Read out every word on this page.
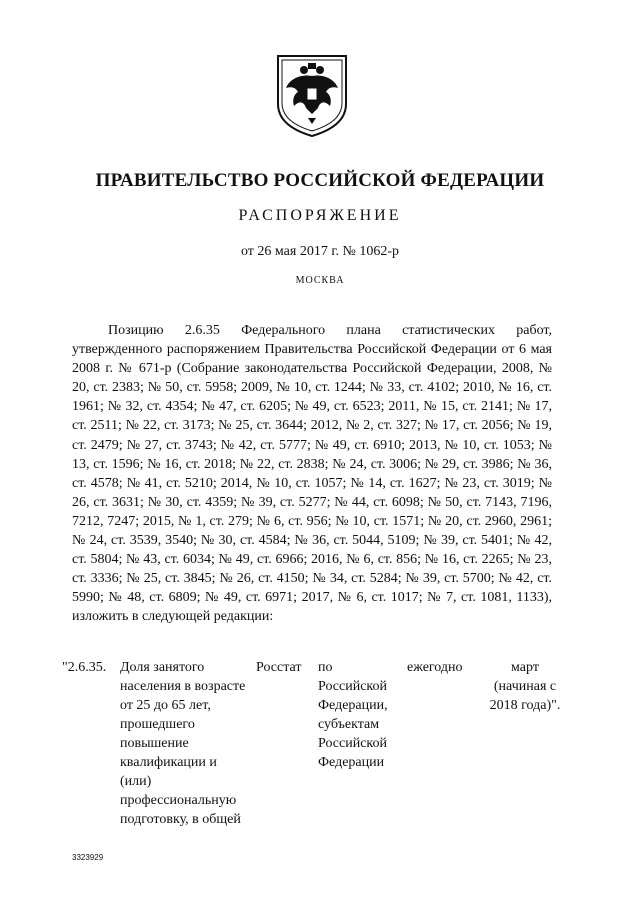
ПРАВИТЕЛЬСТВО РОССИЙСКОЙ ФЕДЕРАЦИИ
РАСПОРЯЖЕНИЕ
от 26 мая 2017 г. № 1062-р
МОСКВА

Позицию 2.6.35 Федерального плана статистических работ, утвержденного распоряжением Правительства Российской Федерации от 6 мая 2008 г. № 671-р (Собрание законодательства Российской Федерации, 2008, № 20, ст. 2383; № 50, ст. 5958; 2009, № 10, ст. 1244; № 33, ст. 4102; 2010, № 16, ст. 1961; № 32, ст. 4354; № 47, ст. 6205; № 49, ст. 6523; 2011, № 15, ст. 2141; № 17, ст. 2511; № 22, ст. 3173; № 25, ст. 3644; 2012, № 2, ст. 327; № 17, ст. 2056; № 19, ст. 2479; № 27, ст. 3743; № 42, ст. 5777; № 49, ст. 6910; 2013, № 10, ст. 1053; № 13, ст. 1596; № 16, ст. 2018; № 22, ст. 2838; № 24, ст. 3006; № 29, ст. 3986; № 36, ст. 4578; № 41, ст. 5210; 2014, № 10, ст. 1057; № 14, ст. 1627; № 23, ст. 3019; № 26, ст. 3631; № 30, ст. 4359; № 39, ст. 5277; № 44, ст. 6098; № 50, ст. 7143, 7196, 7212, 7247; 2015, № 1, ст. 279; № 6, ст. 956; № 10, ст. 1571; № 20, ст. 2960, 2961; № 24, ст. 3539, 3540; № 30, ст. 4584; № 36, ст. 5044, 5109; № 39, ст. 5401; № 42, ст. 5804; № 43, ст. 6034; № 49, ст. 6966; 2016, № 6, ст. 856; № 16, ст. 2265; № 23, ст. 3336; № 25, ст. 3845; № 26, ст. 4150; № 34, ст. 5284; № 39, ст. 5700; № 42, ст. 5990; № 48, ст. 6809; № 49, ст. 6971; 2017, № 6, ст. 1017; № 7, ст. 1081, 1133), изложить в следующей редакции:

"2.6.35. Доля занятого
населения в возрасте
от 25 до 65 лет,
прошедшего
повышение
квалификации и
(или)
профессиональную
подготовку, в общей
Росстат по
Российской
Федерации,
субъектам
Российской
Федерации
ежегодно	март
(начиная с
2018 года)".
3323929
